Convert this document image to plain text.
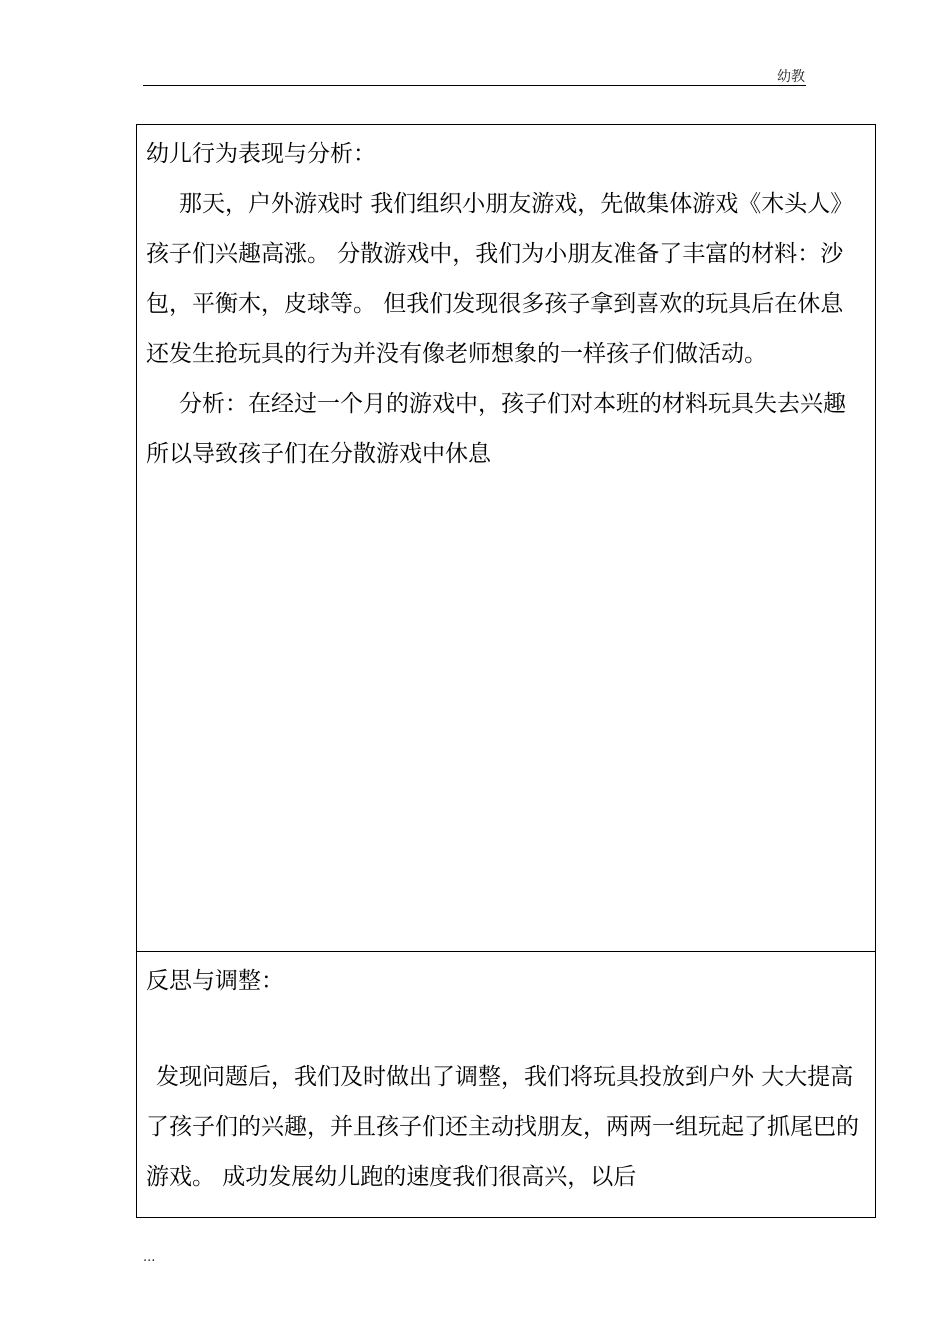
幼教

幼儿行为表现与分析：

那天，户外游戏时 我们组织小朋友游戏，先做集体游戏《木头人》孩子们兴趣高涨。 分散游戏中，我们为小朋友准备了丰富的材料：沙包，平衡木，皮球等。 但我们发现很多孩子拿到喜欢的玩具后在休息还发生抢玩具的行为并没有像老师想象的一样孩子们做活动。

分析：在经过一个月的游戏中，孩子们对本班的材料玩具失去兴趣所以导致孩子们在分散游戏中休息

反思与调整：

发现问题后，我们及时做出了调整，我们将玩具投放到户外 大大提高了孩子们的兴趣，并且孩子们还主动找朋友，两两一组玩起了抓尾巴的游戏。 成功发展幼儿跑的速度我们很高兴，以后

...
